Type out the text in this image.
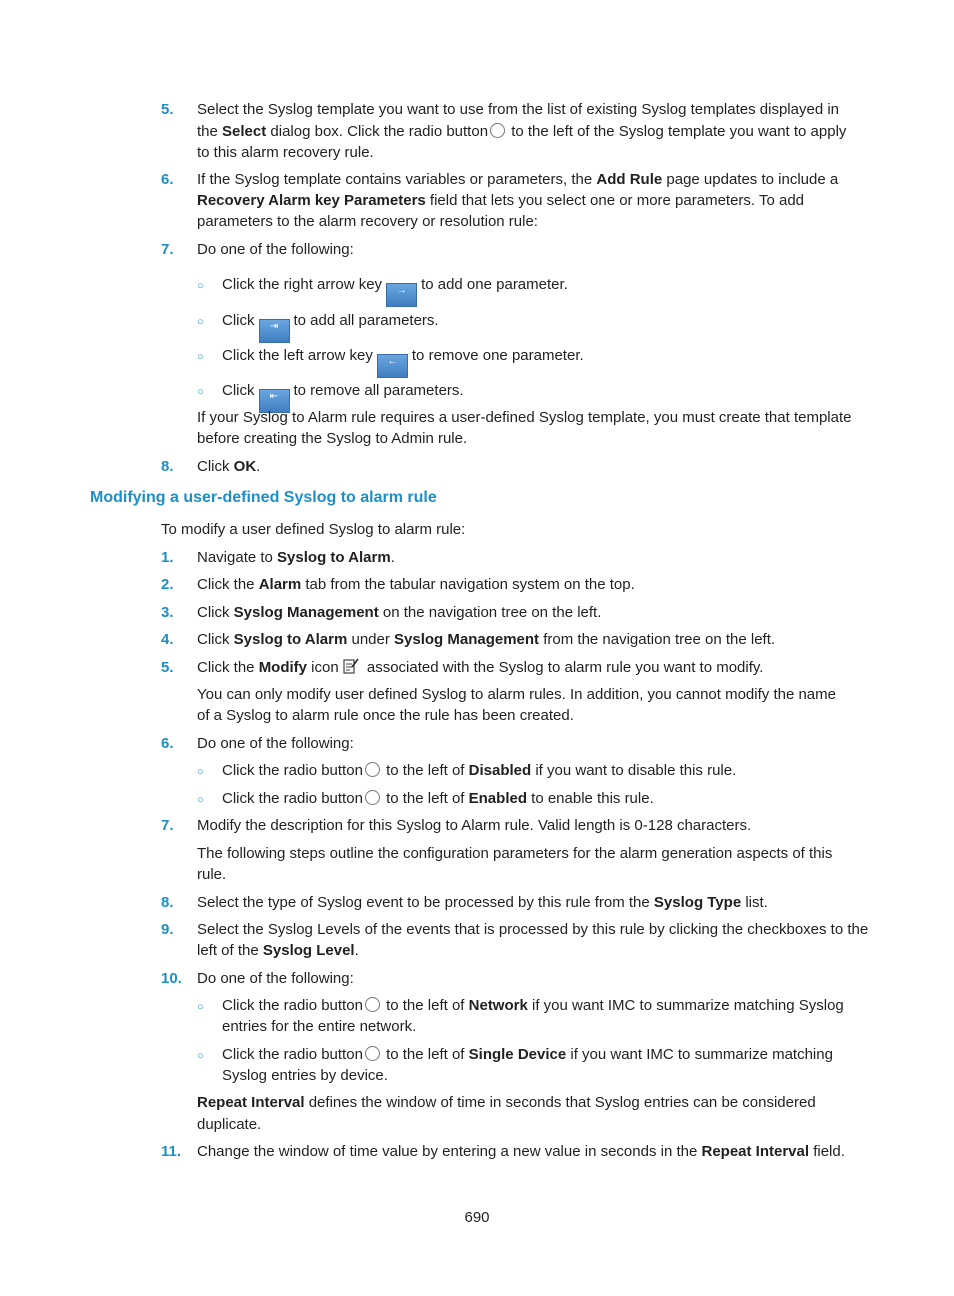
5. Select the Syslog template you want to use from the list of existing Syslog templates displayed in
the Select dialog box. Click the radio button to the left of the Syslog template you want to apply
to this alarm recovery rule.
6. If the Syslog template contains variables or parameters, the Add Rule page updates to include a
Recovery Alarm key Parameters field that lets you select one or more parameters. To add
parameters to the alarm recovery or resolution rule:
7. Do one of the following:
○ Click the right arrow key → to add one parameter.
○ Click ⇥ to add all parameters.
○ Click the left arrow key ← to remove one parameter.
○ Click ⇤ to remove all parameters.
If your Syslog to Alarm rule requires a user-defined Syslog template, you must create that template
before creating the Syslog to Admin rule.
8. Click OK.
Modifying a user-defined Syslog to alarm rule
To modify a user defined Syslog to alarm rule:
1. Navigate to Syslog to Alarm.
2. Click the Alarm tab from the tabular navigation system on the top.
3. Click Syslog Management on the navigation tree on the left.
4. Click Syslog to Alarm under Syslog Management from the navigation tree on the left.
5. Click the Modify icon associated with the Syslog to alarm rule you want to modify.
You can only modify user defined Syslog to alarm rules. In addition, you cannot modify the name
of a Syslog to alarm rule once the rule has been created.
6. Do one of the following:
○ Click the radio button to the left of Disabled if you want to disable this rule.
○ Click the radio button to the left of Enabled to enable this rule.
7. Modify the description for this Syslog to Alarm rule. Valid length is 0-128 characters.
The following steps outline the configuration parameters for the alarm generation aspects of this
rule.
8. Select the type of Syslog event to be processed by this rule from the Syslog Type list.
9. Select the Syslog Levels of the events that is processed by this rule by clicking the checkboxes to the
left of the Syslog Level.
10. Do one of the following:
○ Click the radio button to the left of Network if you want IMC to summarize matching Syslog
entries for the entire network.
○ Click the radio button to the left of Single Device if you want IMC to summarize matching
Syslog entries by device.
Repeat Interval defines the window of time in seconds that Syslog entries can be considered
duplicate.
11. Change the window of time value by entering a new value in seconds in the Repeat Interval field.
690
